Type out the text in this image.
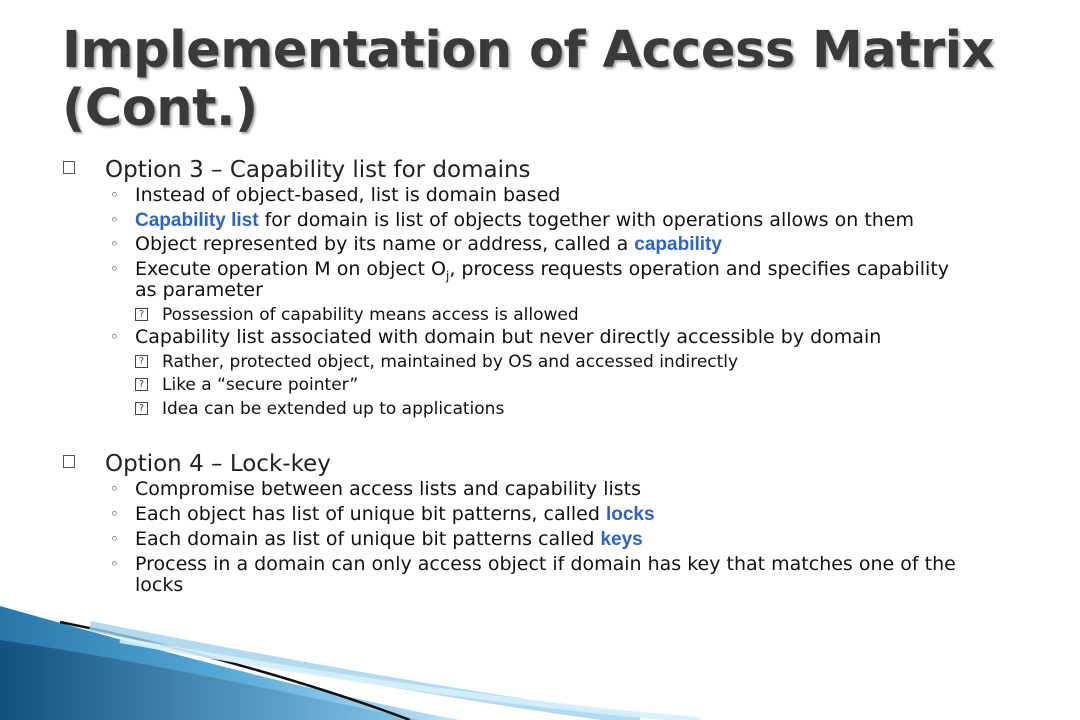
Implementation of Access Matrix
(Cont.)
Option 3 – Capability list for domains
◦ Instead of object-based, list is domain based
◦ Capability list for domain is list of objects together with operations allows on them
◦ Object represented by its name or address, called a capability
◦ Execute operation M on object $O_j$, process requests operation and specifies capability
as parameter
? Possession of capability means access is allowed
◦ Capability list associated with domain but never directly accessible by domain
? Rather, protected object, maintained by OS and accessed indirectly
? Like a “secure pointer”
? Idea can be extended up to applications
Option 4 – Lock-key
◦ Compromise between access lists and capability lists
◦ Each object has list of unique bit patterns, called locks
◦ Each domain as list of unique bit patterns called keys
◦ Process in a domain can only access object if domain has key that matches one of the
locks
